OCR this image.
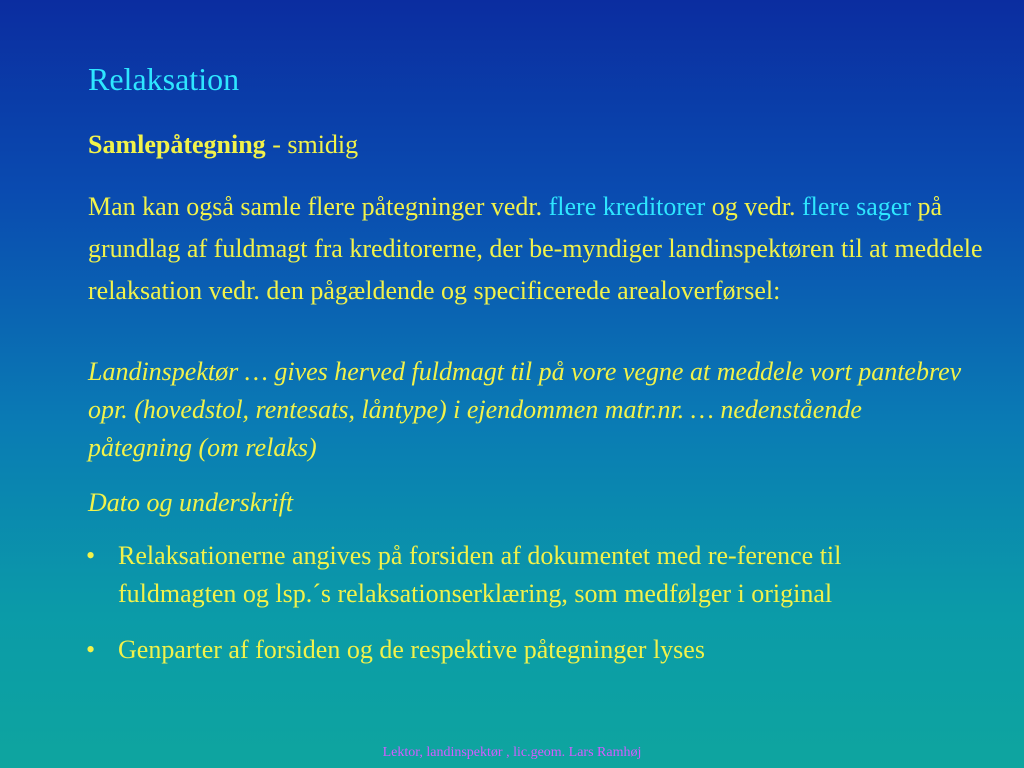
Relaksation
Samlepåtegning - smidig
Man kan også samle flere påtegninger vedr. flere kreditorer og vedr. flere sager på grundlag af fuldmagt fra kreditorerne, der be-myndiger landinspektøren til at meddele relaksation vedr. den pågældende og specificerede arealoverførsel:
Landinspektør … gives herved fuldmagt til på vore vegne at meddele vort pantebrev opr. (hovedstol, rentesats, låntype) i ejendommen matr.nr. … nedenstående påtegning (om relaks)
Dato og underskrift
• Relaksationerne angives på forsiden af dokumentet med re-ference til fuldmagten og lsp.´s relaksationserklæring, som medfølger i original
• Genparter af forsiden og de respektive påtegninger lyses
Lektor, landinspektør , lic.geom. Lars Ramhøj
